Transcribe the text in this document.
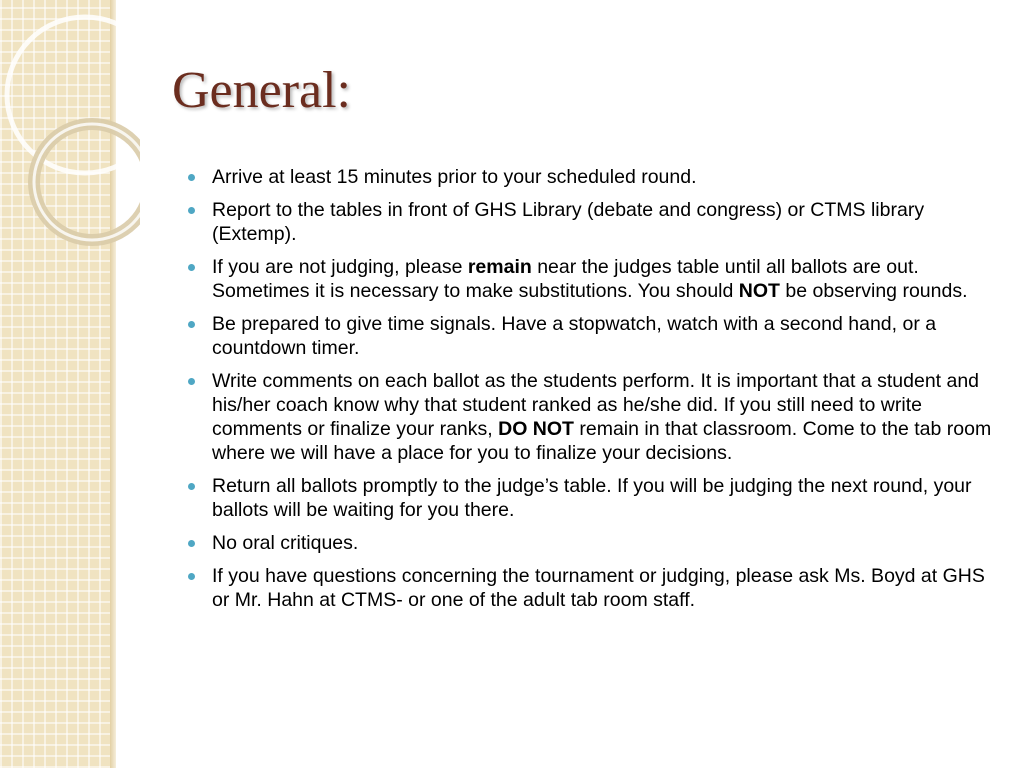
General:
Arrive at least 15 minutes prior to your scheduled round.
Report to the tables in front of GHS Library (debate and congress) or CTMS library (Extemp).
If you are not judging, please remain near the judges table until all ballots are out. Sometimes it is necessary to make substitutions. You should NOT be observing rounds.
Be prepared to give time signals. Have a stopwatch, watch with a second hand, or a countdown timer.
Write comments on each ballot as the students perform. It is important that a student and his/her coach know why that student ranked as he/she did. If you still need to write comments or finalize your ranks, DO NOT remain in that classroom. Come to the tab room where we will have a place for you to finalize your decisions.
Return all ballots promptly to the judge’s table. If you will be judging the next round, your ballots will be waiting for you there.
No oral critiques.
If you have questions concerning the tournament or judging, please ask Ms. Boyd at GHS or Mr. Hahn at CTMS- or one of the adult tab room staff.
